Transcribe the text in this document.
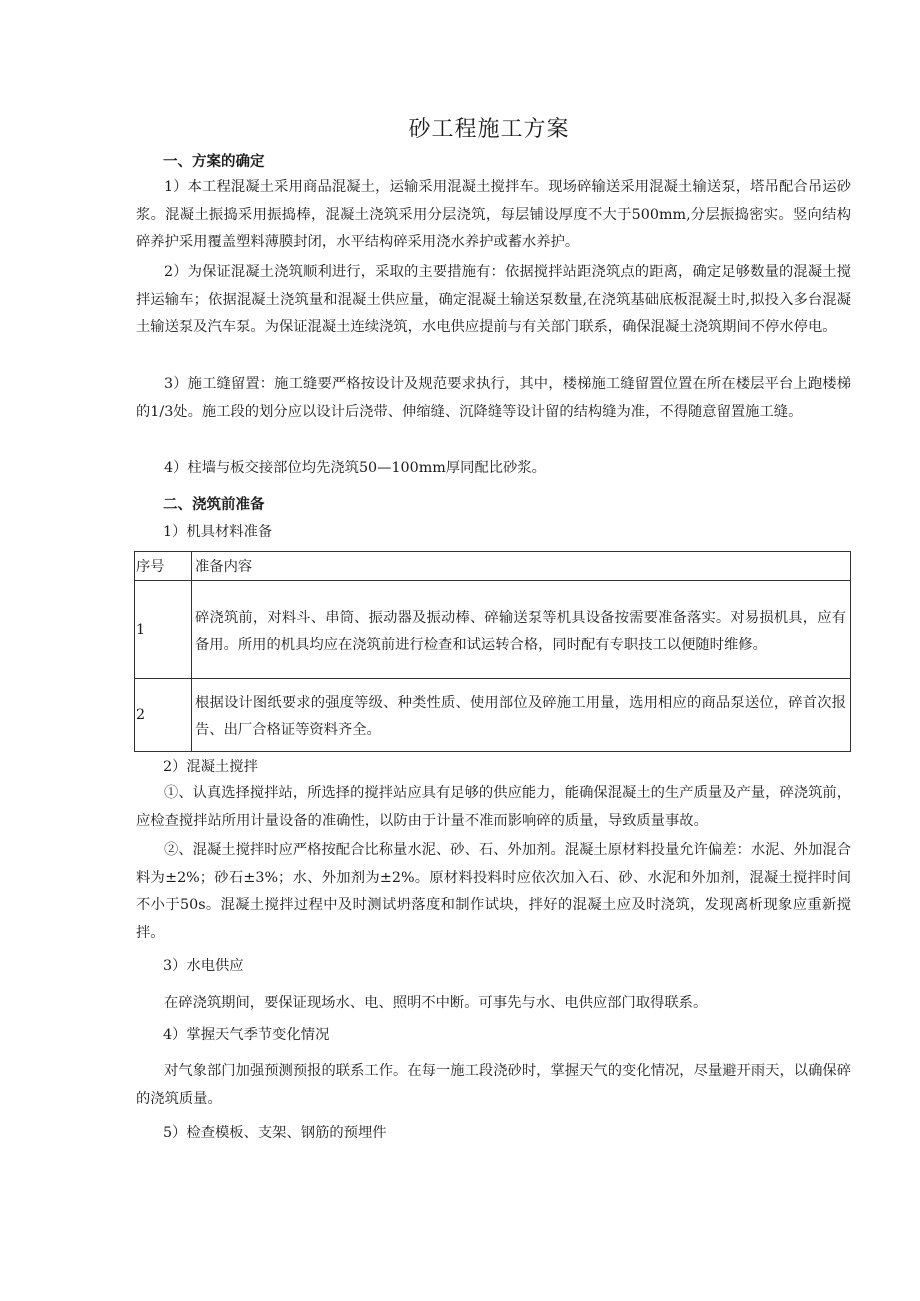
砂工程施工方案
一、方案的确定
1）本工程混凝土采用商品混凝土，运输采用混凝土搅拌车。现场碎输送采用混凝土输送泵，塔吊配合吊运砂浆。混凝土振捣采用振捣棒，混凝土浇筑采用分层浇筑，每层铺设厚度不大于500mm,分层振捣密实。竖向结构碎养护采用覆盖塑料薄膜封闭，水平结构碎采用浇水养护或蓄水养护。
2）为保证混凝土浇筑顺利进行，采取的主要措施有：依据搅拌站距浇筑点的距离，确定足够数量的混凝土搅拌运输车；依据混凝土浇筑量和混凝土供应量，确定混凝土输送泵数量,在浇筑基础底板混凝土时,拟投入多台混凝土输送泵及汽车泵。为保证混凝土连续浇筑，水电供应提前与有关部门联系，确保混凝土浇筑期间不停水停电。
3）施工缝留置：施工缝要严格按设计及规范要求执行，其中，楼梯施工缝留置位置在所在楼层平台上跑楼梯的1/3处。施工段的划分应以设计后浇带、伸缩缝、沉降缝等设计留的结构缝为准，不得随意留置施工缝。
4）柱墙与板交接部位均先浇筑50—100mm厚同配比砂浆。
二、浇筑前准备
1）机具材料准备
序号	准备内容
1	碎浇筑前，对料斗、串筒、振动器及振动棒、碎输送泵等机具设备按需要准备落实。对易损机具，应有备用。所用的机具均应在浇筑前进行检查和试运转合格，同时配有专职技工以便随时维修。
2	根据设计图纸要求的强度等级、种类性质、使用部位及碎施工用量，选用相应的商品泵送位，碎首次报告、出厂合格证等资料齐全。
2）混凝土搅拌
①、认真选择搅拌站，所选择的搅拌站应具有足够的供应能力，能确保混凝土的生产质量及产量，碎浇筑前，应检查搅拌站所用计量设备的准确性，以防由于计量不准而影响碎的质量，导致质量事故。
②、混凝土搅拌时应严格按配合比称量水泥、砂、石、外加剂。混凝土原材料投量允许偏差：水泥、外加混合料为±2%；砂石±3%；水、外加剂为±2%。原材料投料时应依次加入石、砂、水泥和外加剂，混凝土搅拌时间不小于50s。混凝土搅拌过程中及时测试坍落度和制作试块，拌好的混凝土应及时浇筑，发现离析现象应重新搅拌。
3）水电供应
在碎浇筑期间，要保证现场水、电、照明不中断。可事先与水、电供应部门取得联系。
4）掌握天气季节变化情况
对气象部门加强预测预报的联系工作。在每一施工段浇砂时，掌握天气的变化情况，尽量避开雨天，以确保碎的浇筑质量。
5）检查模板、支架、钢筋的预埋件
